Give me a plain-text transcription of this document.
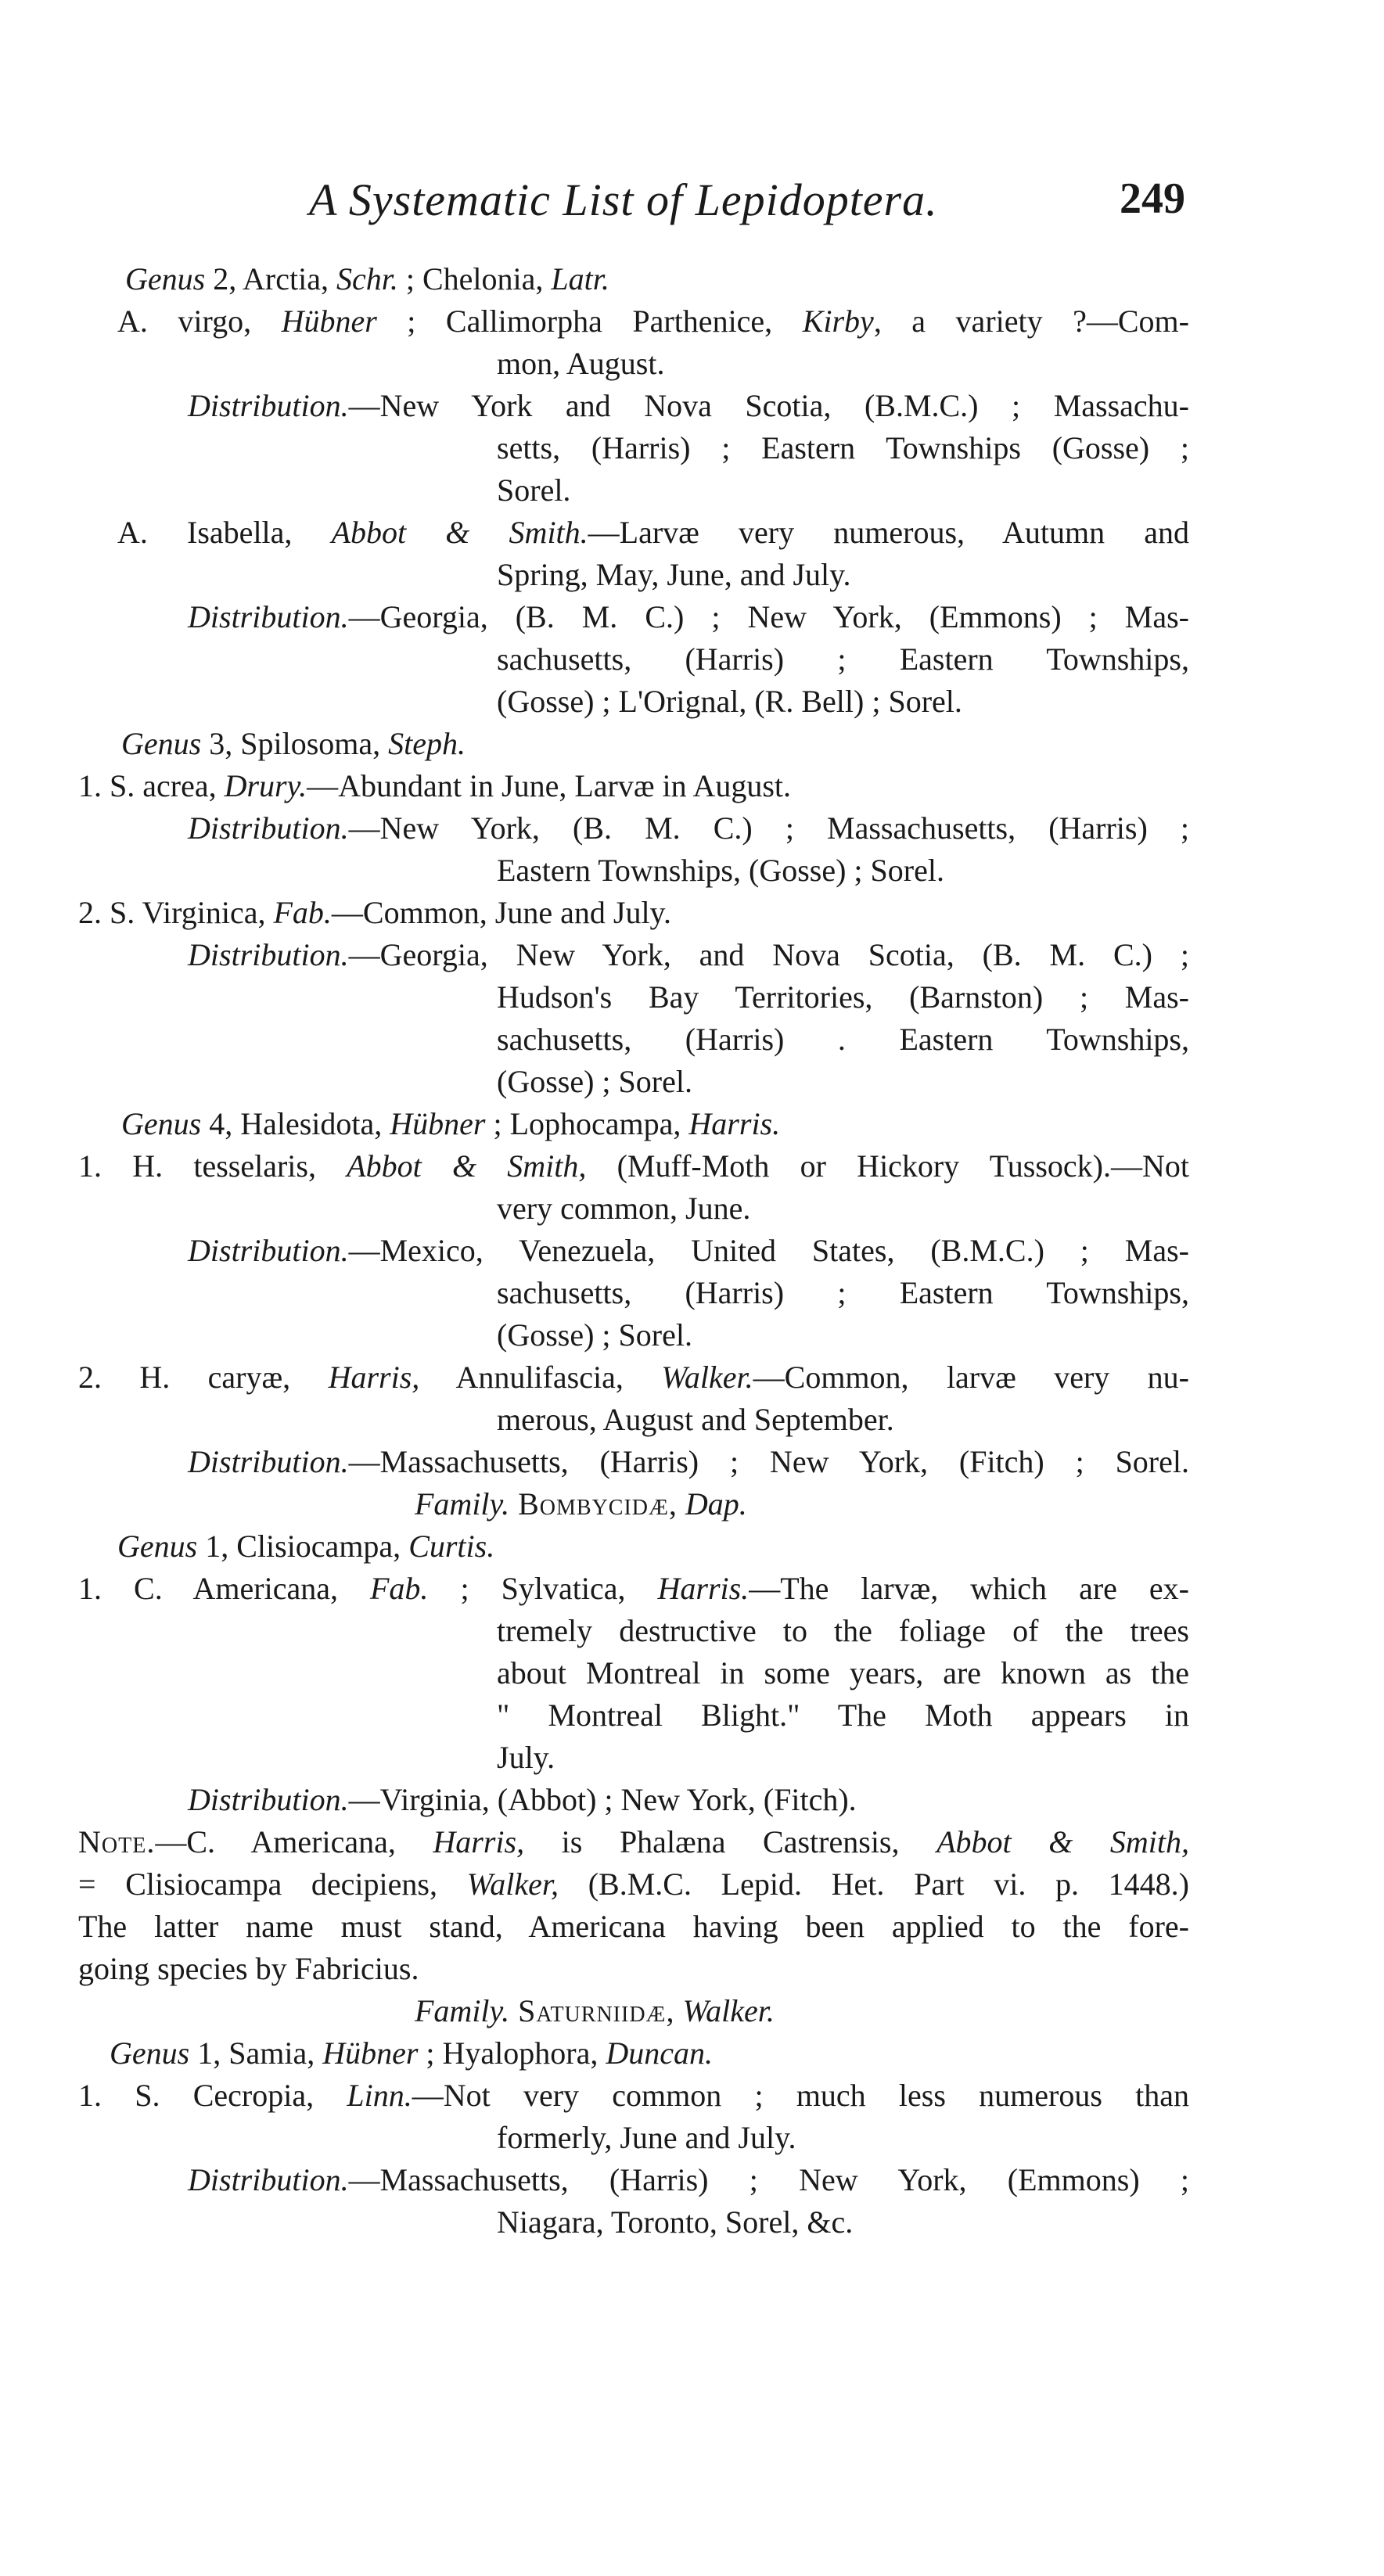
A Systematic List of Lepidoptera.	249
Genus 2, Arctia, Schr. ; Chelonia, Latr.
A. virgo, Hübner ; Callimorpha Parthenice, Kirby, a variety ?—Com-
mon, August.
Distribution.—New York and Nova Scotia, (B.M.C.) ; Massachu-
setts, (Harris) ; Eastern Townships (Gosse) ;
Sorel.
A. Isabella, Abbot & Smith.—Larvæ very numerous, Autumn and
Spring, May, June, and July.
Distribution.—Georgia, (B. M. C.) ; New York, (Emmons) ; Mas-
sachusetts, (Harris) ; Eastern Townships,
(Gosse) ; L'Orignal, (R. Bell) ; Sorel.
Genus 3, Spilosoma, Steph.
1. S. acrea, Drury.—Abundant in June, Larvæ in August.
Distribution.—New York, (B. M. C.) ; Massachusetts, (Harris) ;
Eastern Townships, (Gosse) ; Sorel.
2. S. Virginica, Fab.—Common, June and July.
Distribution.—Georgia, New York, and Nova Scotia, (B. M. C.) ;
Hudson's Bay Territories, (Barnston) ; Mas-
sachusetts, (Harris) . Eastern Townships,
(Gosse) ; Sorel.
Genus 4, Halesidota, Hübner ; Lophocampa, Harris.
1. H. tesselaris, Abbot & Smith, (Muff-Moth or Hickory Tussock).—Not
very common, June.
Distribution.—Mexico, Venezuela, United States, (B.M.C.) ; Mas-
sachusetts, (Harris) ; Eastern Townships,
(Gosse) ; Sorel.
2. H. caryæ, Harris, Annulifascia, Walker.—Common, larvæ very nu-
merous, August and September.
Distribution.—Massachusetts, (Harris) ; New York, (Fitch) ; Sorel.
Family. Bombycidæ, Dap.
Genus 1, Clisiocampa, Curtis.
1. C. Americana, Fab. ; Sylvatica, Harris.—The larvæ, which are ex-
tremely destructive to the foliage of the trees
about Montreal in some years, are known as the
" Montreal Blight." The Moth appears in
July.
Distribution.—Virginia, (Abbot) ; New York, (Fitch).
Note.—C. Americana, Harris, is Phalæna Castrensis, Abbot & Smith,
= Clisiocampa decipiens, Walker, (B.M.C. Lepid. Het. Part vi. p. 1448.)
The latter name must stand, Americana having been applied to the fore-
going species by Fabricius.
Family. Saturniidæ, Walker.
Genus 1, Samia, Hübner ; Hyalophora, Duncan.
1. S. Cecropia, Linn.—Not very common ; much less numerous than
formerly, June and July.
Distribution.—Massachusetts, (Harris) ; New York, (Emmons) ;
Niagara, Toronto, Sorel, &c.
